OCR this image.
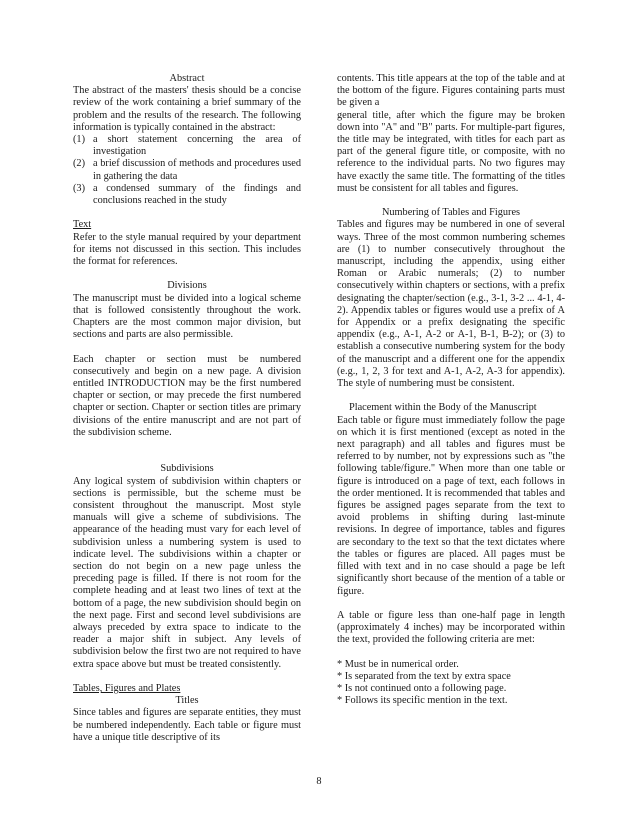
Abstract

The abstract of the masters' thesis should be a concise review of the work containing a brief summary of the problem and the results of the research. The following information is typically contained in the abstract:

(1) a short statement concerning the area of investigation
(2) a brief discussion of methods and procedures used in gathering the data
(3) a condensed summary of the findings and conclusions reached in the study
Text

Refer to the style manual required by your department for items not discussed in this section. This includes the format for references.

Divisions

The manuscript must be divided into a logical scheme that is followed consistently throughout the work. Chapters are the most common major division, but sections and parts are also permissible.

Each chapter or section must be numbered consecutively and begin on a new page. A division entitled INTRODUCTION may be the first numbered chapter or section, or may precede the first numbered chapter or section. Chapter or section titles are primary divisions of the entire manuscript and are not part of the subdivision scheme.

Subdivisions

Any logical system of subdivision within chapters or sections is permissible, but the scheme must be consistent throughout the manuscript. Most style manuals will give a scheme of subdivisions. The appearance of the heading must vary for each level of subdivision unless a numbering system is used to indicate level. The subdivisions within a chapter or section do not begin on a new page unless the preceding page is filled. If there is not room for the complete heading and at least two lines of text at the bottom of a page, the new subdivision should begin on the next page. First and second level subdivisions are always preceded by extra space to indicate to the reader a major shift in subject. Any levels of subdivision below the first two are not required to have extra space above but must be treated consistently.

Tables, Figures and Plates
Titles

Since tables and figures are separate entities, they must be numbered independently. Each table or figure must have a unique title descriptive of its

contents. This title appears at the top of the table and at the bottom of the figure. Figures containing parts must be given a

general title, after which the figure may be broken down into "A" and "B" parts. For multiple-part figures, the title may be integrated, with titles for each part as part of the general figure title, or composite, with no reference to the individual parts. No two figures may have exactly the same title. The formatting of the titles must be consistent for all tables and figures.

Numbering of Tables and Figures

Tables and figures may be numbered in one of several ways. Three of the most common numbering schemes are (1) to number consecutively throughout the manuscript, including the appendix, using either Roman or Arabic numerals; (2) to number consecutively within chapters or sections, with a prefix designating the chapter/section (e.g., 3-1, 3-2 ... 4-1, 4-2). Appendix tables or figures would use a prefix of A for Appendix or a prefix designating the specific appendix (e.g., A-1, A-2 or A-1, B-1, B-2); or (3) to establish a consecutive numbering system for the body of the manuscript and a different one for the appendix (e.g., 1, 2, 3 for text and A-1, A-2, A-3 for appendix). The style of numbering must be consistent.

Placement within the Body of the Manuscript

Each table or figure must immediately follow the page on which it is first mentioned (except as noted in the next paragraph) and all tables and figures must be referred to by number, not by expressions such as "the following table/figure." When more than one table or figure is introduced on a page of text, each follows in the order mentioned. It is recommended that tables and figures be assigned pages separate from the text to avoid problems in shifting during last-minute revisions. In degree of importance, tables and figures are secondary to the text so that the text dictates where the tables or figures are placed. All pages must be filled with text and in no case should a page be left significantly short because of the mention of a table or figure.

A table or figure less than one-half page in length (approximately 4 inches) may be incorporated within the text, provided the following criteria are met:

* Must be in numerical order.

* Is separated from the text by extra space

* Is not continued onto a following page.

* Follows its specific mention in the text.

8
